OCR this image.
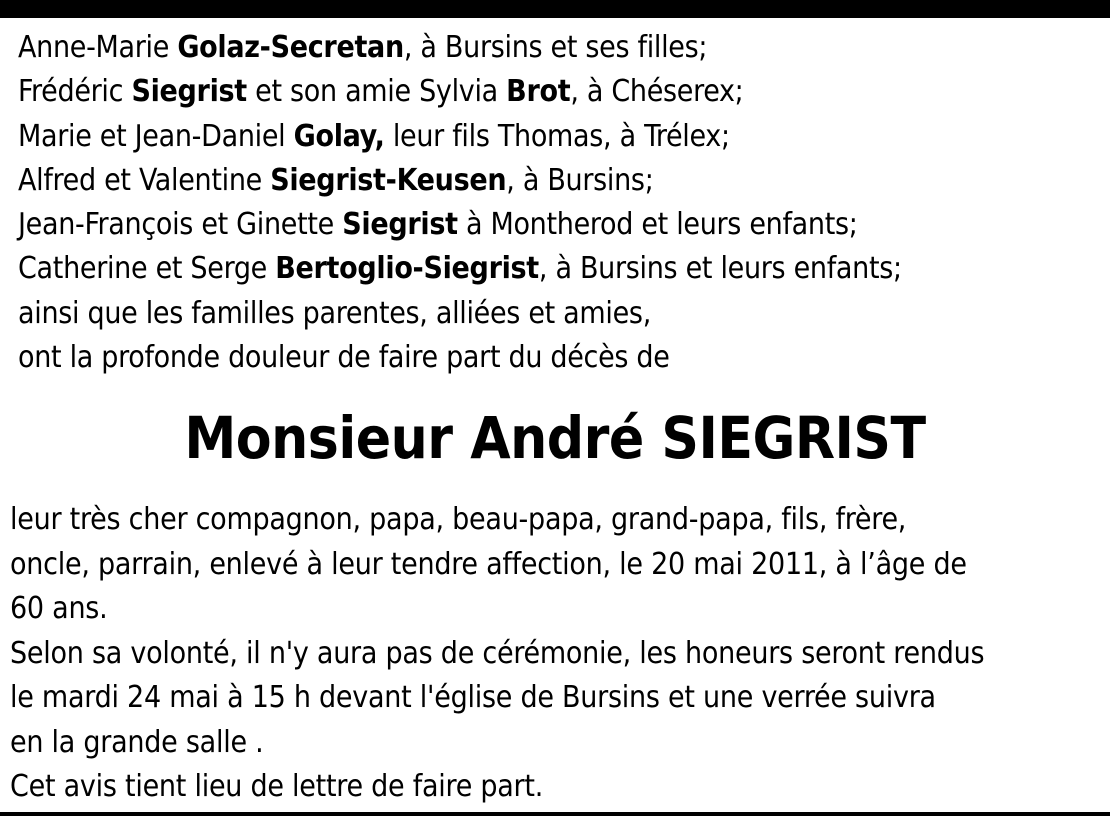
Anne-Marie Golaz-Secretan, à Bursins et ses filles;
Frédéric Siegrist et son amie Sylvia Brot, à Chéserex;
Marie et Jean-Daniel Golay, leur fils Thomas, à Trélex;
Alfred et Valentine Siegrist-Keusen, à Bursins;
Jean-François et Ginette Siegrist à Montherod et leurs enfants;
Catherine et Serge Bertoglio-Siegrist, à Bursins et leurs enfants;
ainsi que les familles parentes, alliées et amies,
ont la profonde douleur de faire part du décès de
Monsieur André SIEGRIST
leur très cher compagnon, papa, beau-papa, grand-papa, fils, frère,
oncle, parrain, enlevé à leur tendre affection, le 20 mai 2011, à l’âge de
60 ans.
Selon sa volonté, il n'y aura pas de cérémonie, les honeurs seront rendus
le mardi 24 mai à 15 h devant l'église de Bursins et une verrée suivra
en la grande salle .
Cet avis tient lieu de lettre de faire part.
